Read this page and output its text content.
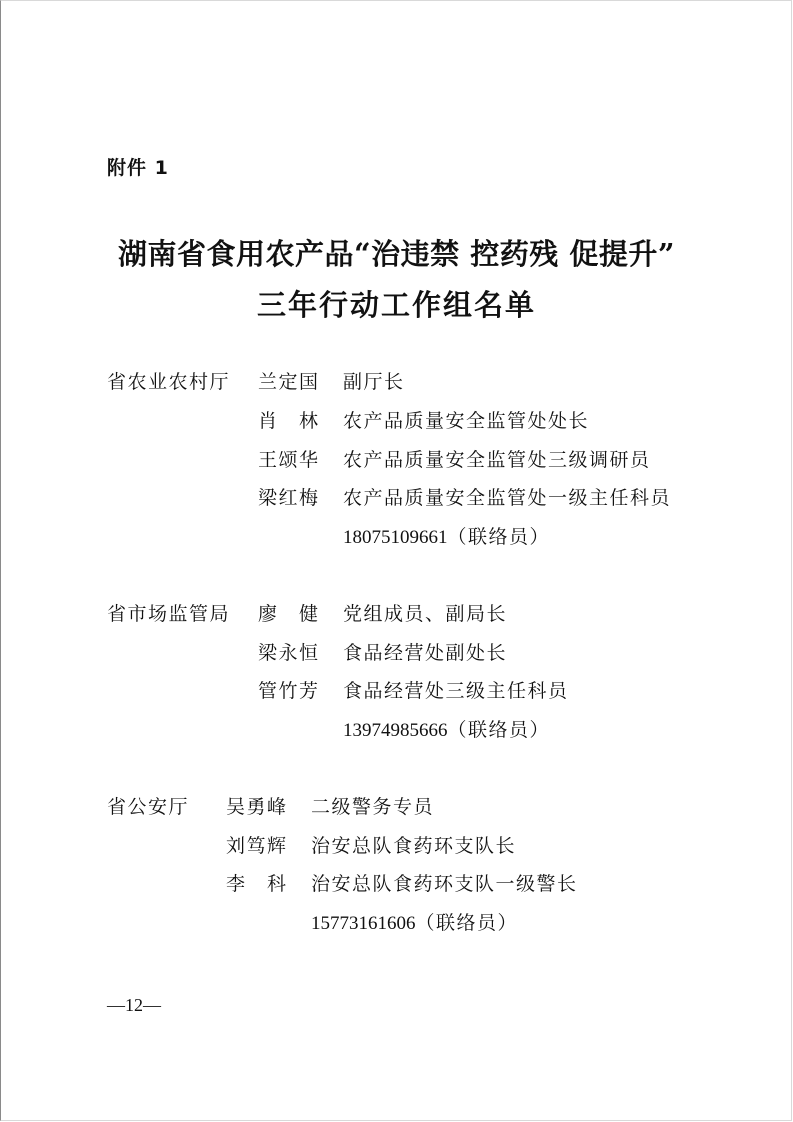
附件 1
湖南省食用农产品“治违禁 控药残 促提升”
三年行动工作组名单
省农业农村厅 兰定国 副厅长
肖　林 农产品质量安全监管处处长
王颂华 农产品质量安全监管处三级调研员
梁红梅 农产品质量安全监管处一级主任科员
18075109661（联络员）
省市场监管局 廖　健 党组成员、副局长
梁永恒 食品经营处副处长
管竹芳 食品经营处三级主任科员
13974985666（联络员）
省公安厅 吴勇峰 二级警务专员
刘笃辉 治安总队食药环支队长
李　科 治安总队食药环支队一级警长
15773161606（联络员）
—12—
